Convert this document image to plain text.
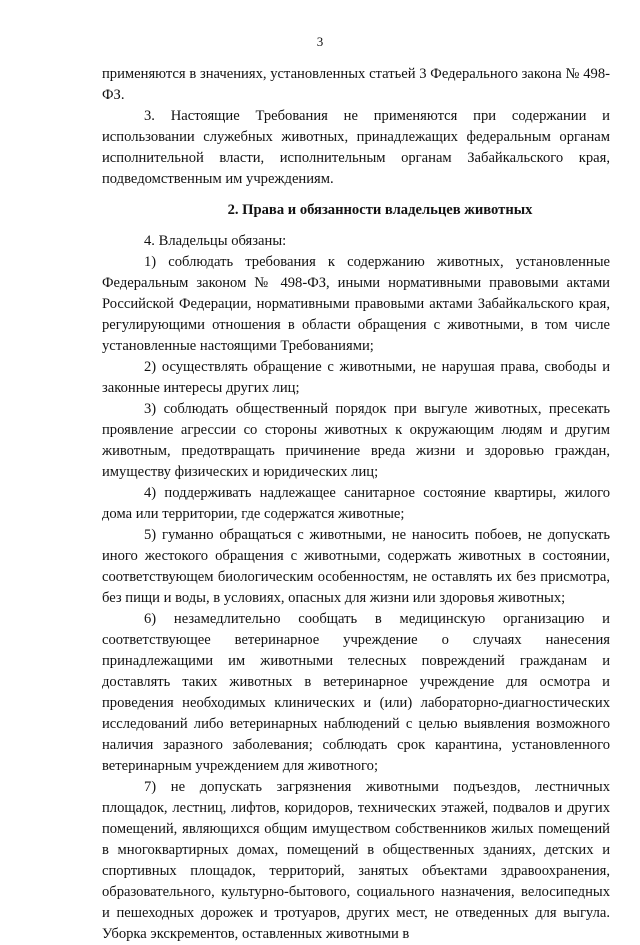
3

применяются в значениях, установленных статьей 3 Федерального закона № 498-ФЗ.

3. Настоящие Требования не применяются при содержании и использовании служебных животных, принадлежащих федеральным органам исполнительной власти, исполнительным органам Забайкальского края, подведомственным им учреждениям.

2. Права и обязанности владельцев животных

4. Владельцы обязаны:

1) соблюдать требования к содержанию животных, установленные Федеральным законом № 498-ФЗ, иными нормативными правовыми актами Российской Федерации, нормативными правовыми актами Забайкальского края, регулирующими отношения в области обращения с животными, в том числе установленные настоящими Требованиями;

2) осуществлять обращение с животными, не нарушая права, свободы и законные интересы других лиц;

3) соблюдать общественный порядок при выгуле животных, пресекать проявление агрессии со стороны животных к окружающим людям и другим животным, предотвращать причинение вреда жизни и здоровью граждан, имуществу физических и юридических лиц;

4) поддерживать надлежащее санитарное состояние квартиры, жилого дома или территории, где содержатся животные;

5) гуманно обращаться с животными, не наносить побоев, не допускать иного жестокого обращения с животными, содержать животных в состоянии, соответствующем биологическим особенностям, не оставлять их без присмотра, без пищи и воды, в условиях, опасных для жизни или здоровья животных;

6) незамедлительно сообщать в медицинскую организацию и соответствующее ветеринарное учреждение о случаях нанесения принадлежащими им животными телесных повреждений гражданам и доставлять таких животных в ветеринарное учреждение для осмотра и проведения необходимых клинических и (или) лабораторно-диагностических исследований либо ветеринарных наблюдений с целью выявления возможного наличия заразного заболевания; соблюдать срок карантина, установленного ветеринарным учреждением для животного;

7) не допускать загрязнения животными подъездов, лестничных площадок, лестниц, лифтов, коридоров, технических этажей, подвалов и других помещений, являющихся общим имуществом собственников жилых помещений в многоквартирных домах, помещений в общественных зданиях, детских и спортивных площадок, территорий, занятых объектами здравоохранения, образовательного, культурно-бытового, социального назначения, велосипедных и пешеходных дорожек и тротуаров, других мест, не отведенных для выгула. Уборка экскрементов, оставленных животными в
